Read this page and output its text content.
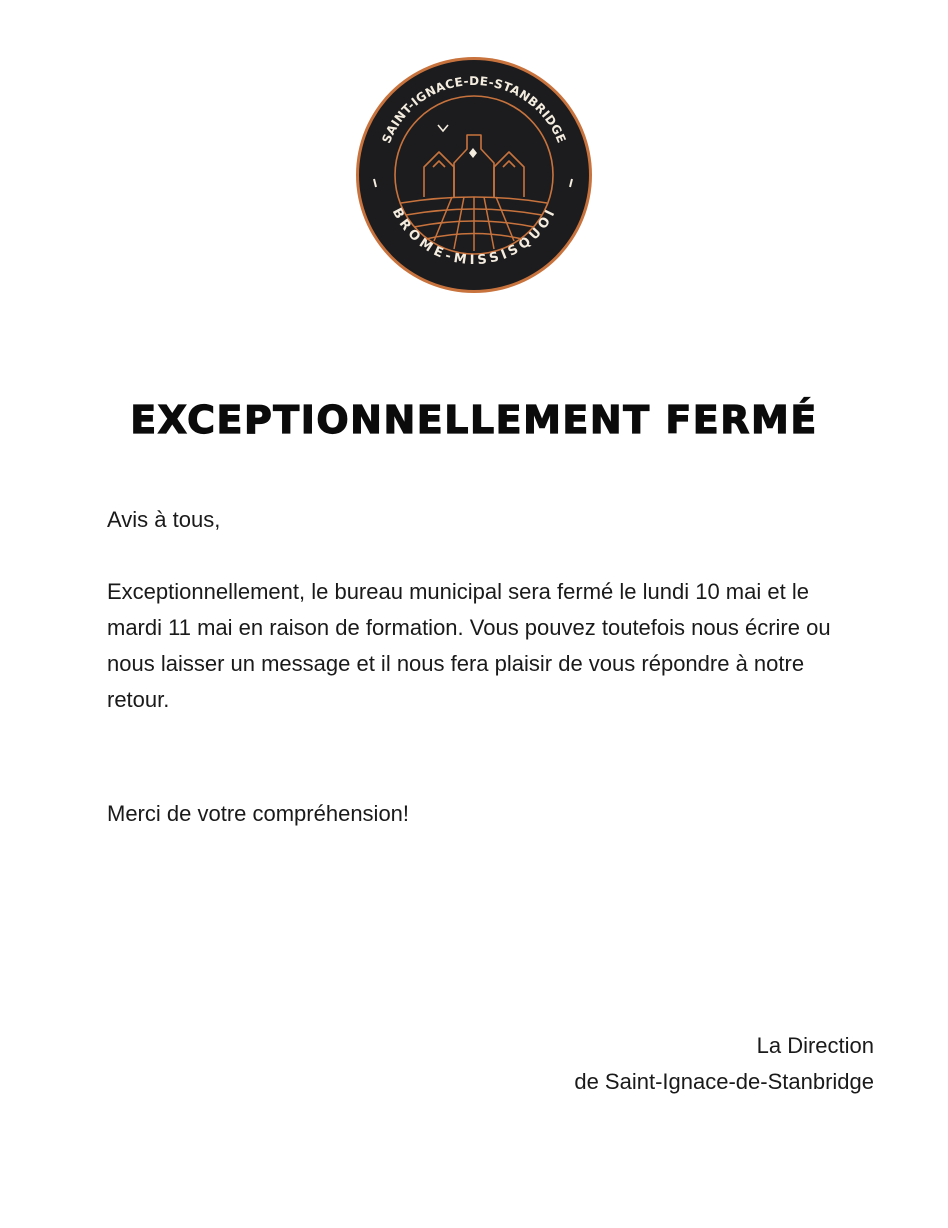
SAINT-IGNACE-DE-STANBRIDGE
BROME-MISSISQUOI
EXCEPTIONNELLEMENT FERMÉ

Avis à tous,

Exceptionnellement, le bureau municipal sera fermé le lundi 10 mai et le mardi 11 mai en raison de formation. Vous pouvez toutefois nous écrire ou nous laisser un message et il nous fera plaisir de vous répondre à notre retour.

Merci de votre compréhension!

La Direction
de Saint-Ignace-de-Stanbridge
